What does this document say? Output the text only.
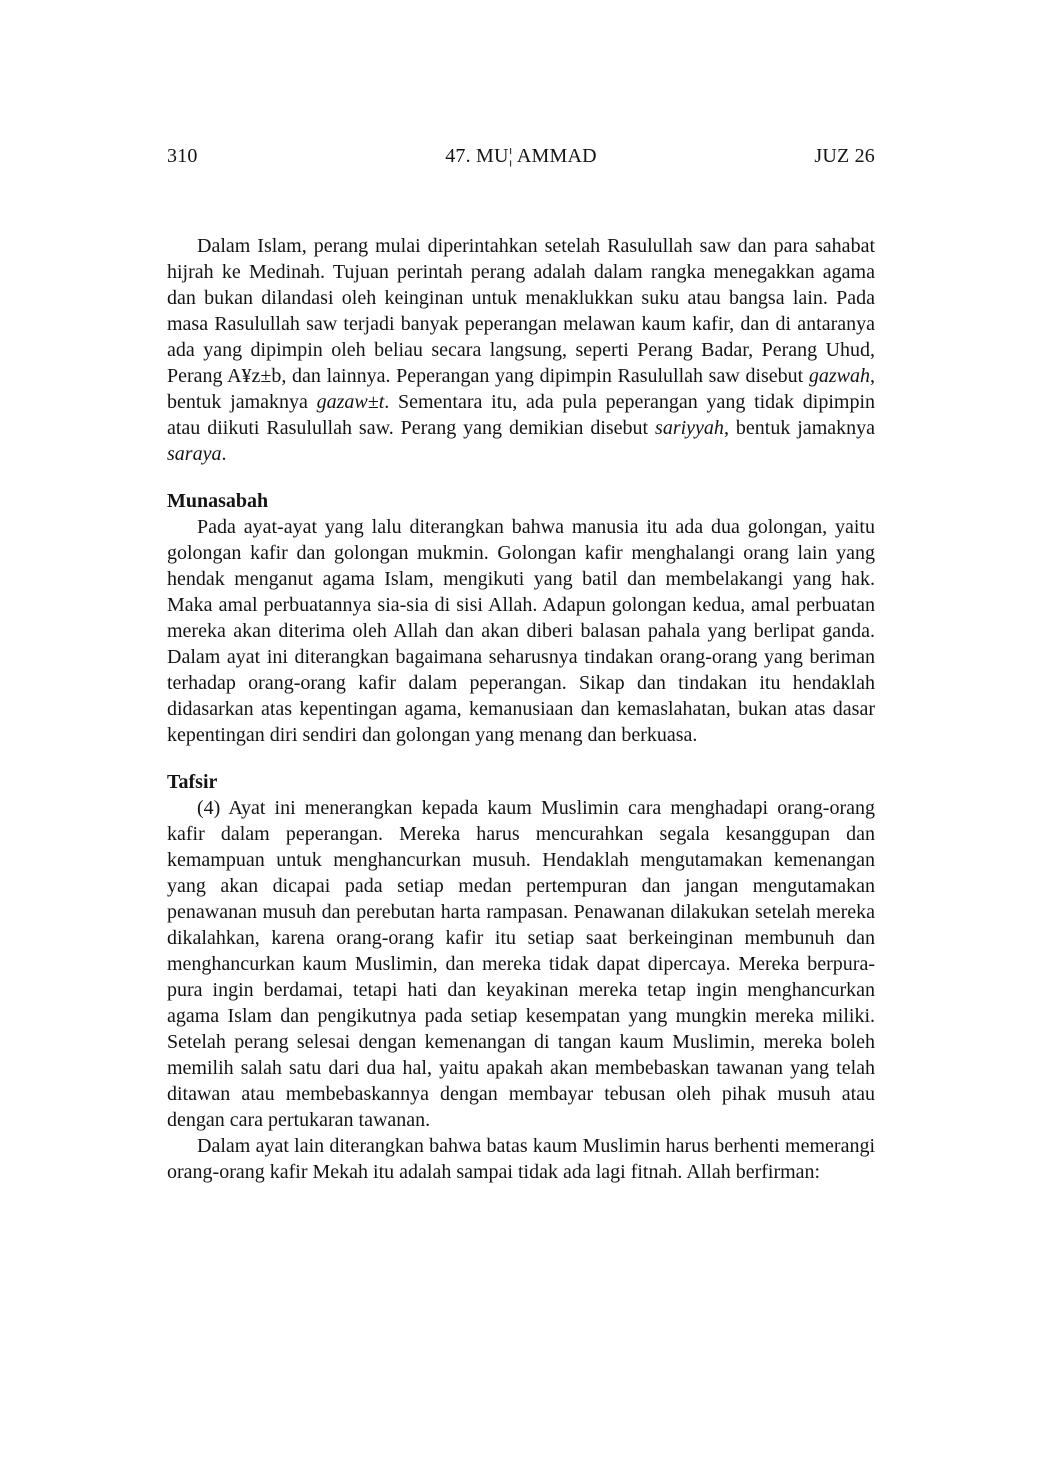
310	47. MU¦ AMMAD	JUZ 26

Dalam Islam, perang mulai diperintahkan setelah Rasulullah saw dan para sahabat hijrah ke Medinah. Tujuan perintah perang adalah dalam rangka menegakkan agama dan bukan dilandasi oleh keinginan untuk menaklukkan suku atau bangsa lain. Pada masa Rasulullah saw terjadi banyak peperangan melawan kaum kafir, dan di antaranya ada yang dipimpin oleh beliau secara langsung, seperti Perang Badar, Perang Uhud, Perang A¥z±b, dan lainnya. Peperangan yang dipimpin Rasulullah saw disebut gazwah, bentuk jamaknya gazaw±t. Sementara itu, ada pula peperangan yang tidak dipimpin atau diikuti Rasulullah saw. Perang yang demikian disebut sariyyah, bentuk jamaknya saraya.

Munasabah

Pada ayat-ayat yang lalu diterangkan bahwa manusia itu ada dua golongan, yaitu golongan kafir dan golongan mukmin. Golongan kafir menghalangi orang lain yang hendak menganut agama Islam, mengikuti yang batil dan membelakangi yang hak. Maka amal perbuatannya sia-sia di sisi Allah. Adapun golongan kedua, amal perbuatan mereka akan diterima oleh Allah dan akan diberi balasan pahala yang berlipat ganda. Dalam ayat ini diterangkan bagaimana seharusnya tindakan orang-orang yang beriman terhadap orang-orang kafir dalam peperangan. Sikap dan tindakan itu hendaklah didasarkan atas kepentingan agama, kemanusiaan dan kemaslahatan, bukan atas dasar kepentingan diri sendiri dan golongan yang menang dan berkuasa.

Tafsir

(4) Ayat ini menerangkan kepada kaum Muslimin cara menghadapi orang-orang kafir dalam peperangan. Mereka harus mencurahkan segala kesanggupan dan kemampuan untuk menghancurkan musuh. Hendaklah mengutamakan kemenangan yang akan dicapai pada setiap medan pertempuran dan jangan mengutamakan penawanan musuh dan perebutan harta rampasan. Penawanan dilakukan setelah mereka dikalahkan, karena orang-orang kafir itu setiap saat berkeinginan membunuh dan menghancurkan kaum Muslimin, dan mereka tidak dapat dipercaya. Mereka berpura-pura ingin berdamai, tetapi hati dan keyakinan mereka tetap ingin menghancurkan agama Islam dan pengikutnya pada setiap kesempatan yang mungkin mereka miliki. Setelah perang selesai dengan kemenangan di tangan kaum Muslimin, mereka boleh memilih salah satu dari dua hal, yaitu apakah akan membebaskan tawanan yang telah ditawan atau membebaskannya dengan membayar tebusan oleh pihak musuh atau dengan cara pertukaran tawanan.

Dalam ayat lain diterangkan bahwa batas kaum Muslimin harus berhenti memerangi orang-orang kafir Mekah itu adalah sampai tidak ada lagi fitnah. Allah berfirman:
